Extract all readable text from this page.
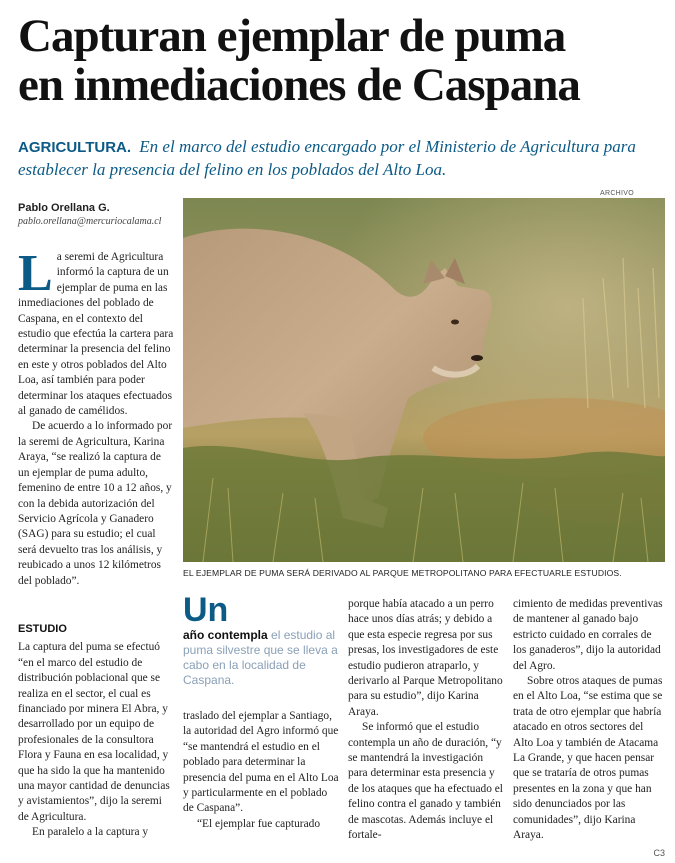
Capturan ejemplar de puma
en inmediaciones de Caspana
AGRICULTURA. En el marco del estudio encargado por el Ministerio de Agricultura para establecer la presencia del felino en los poblados del Alto Loa.
Pablo Orellana G.
pablo.orellana@mercuriocalama.cl
L a seremi de Agricultura informó la captura de un ejemplar de puma en las inmediaciones del poblado de Caspana, en el contexto del estudio que efectúa la cartera para determinar la presencia del felino en este y otros poblados del Alto Loa, así también para poder determinar los ataques efectuados al ganado de camélidos.

De acuerdo a lo informado por la seremi de Agricultura, Karina Araya, “se realizó la captura de un ejemplar de puma adulto, femenino de entre 10 a 12 años, y con la debida autorización del Servicio Agrícola y Ganadero (SAG) para su estudio; el cual será devuelto tras los análisis, y reubicado a unos 12 kilómetros del poblado”.

ESTUDIO

La captura del puma se efectuó “en el marco del estudio de distribución poblacional que se realiza en el sector, el cual es financiado por minera El Abra, y desarrollado por un equipo de profesionales de la consultora Flora y Fauna en esa localidad, y que ha sido la que ha mantenido una mayor cantidad de denuncias y avistamientos”, dijo la seremi de Agricultura.

En paralelo a la captura y

ARCHIVO
EL EJEMPLAR DE PUMA SERÁ DERIVADO AL PARQUE METROPOLITANO PARA EFECTUARLE ESTUDIOS.
Un
año contempla el estudio al puma silvestre que se lleva a cabo en la localidad de Caspana.

traslado del ejemplar a Santiago, la autoridad del Agro informó que “se mantendrá el estudio en el poblado para determinar la presencia del puma en el Alto Loa y particularmente en el poblado de Caspana”.

“El ejemplar fue capturado

porque había atacado a un perro hace unos días atrás; y debido a que esta especie regresa por sus presas, los investigadores de este estudio pudieron atraparlo, y derivarlo al Parque Metropolitano para su estudio”, dijo Karina Araya.

Se informó que el estudio contempla un año de duración, “y se mantendrá la investigación para determinar esta presencia y de los ataques que ha efectuado el felino contra el ganado y también de mascotas. Además incluye el fortale-

cimiento de medidas preventivas de mantener al ganado bajo estricto cuidado en corrales de los ganaderos”, dijo la autoridad del Agro.

Sobre otros ataques de pumas en el Alto Loa, “se estima que se trata de otro ejemplar que habría atacado en otros sectores del Alto Loa y también de Atacama La Grande, y que hacen pensar que se trataría de otros pumas presentes en la zona y que han sido denunciados por las comunidades”, dijo Karina Araya.

C3
